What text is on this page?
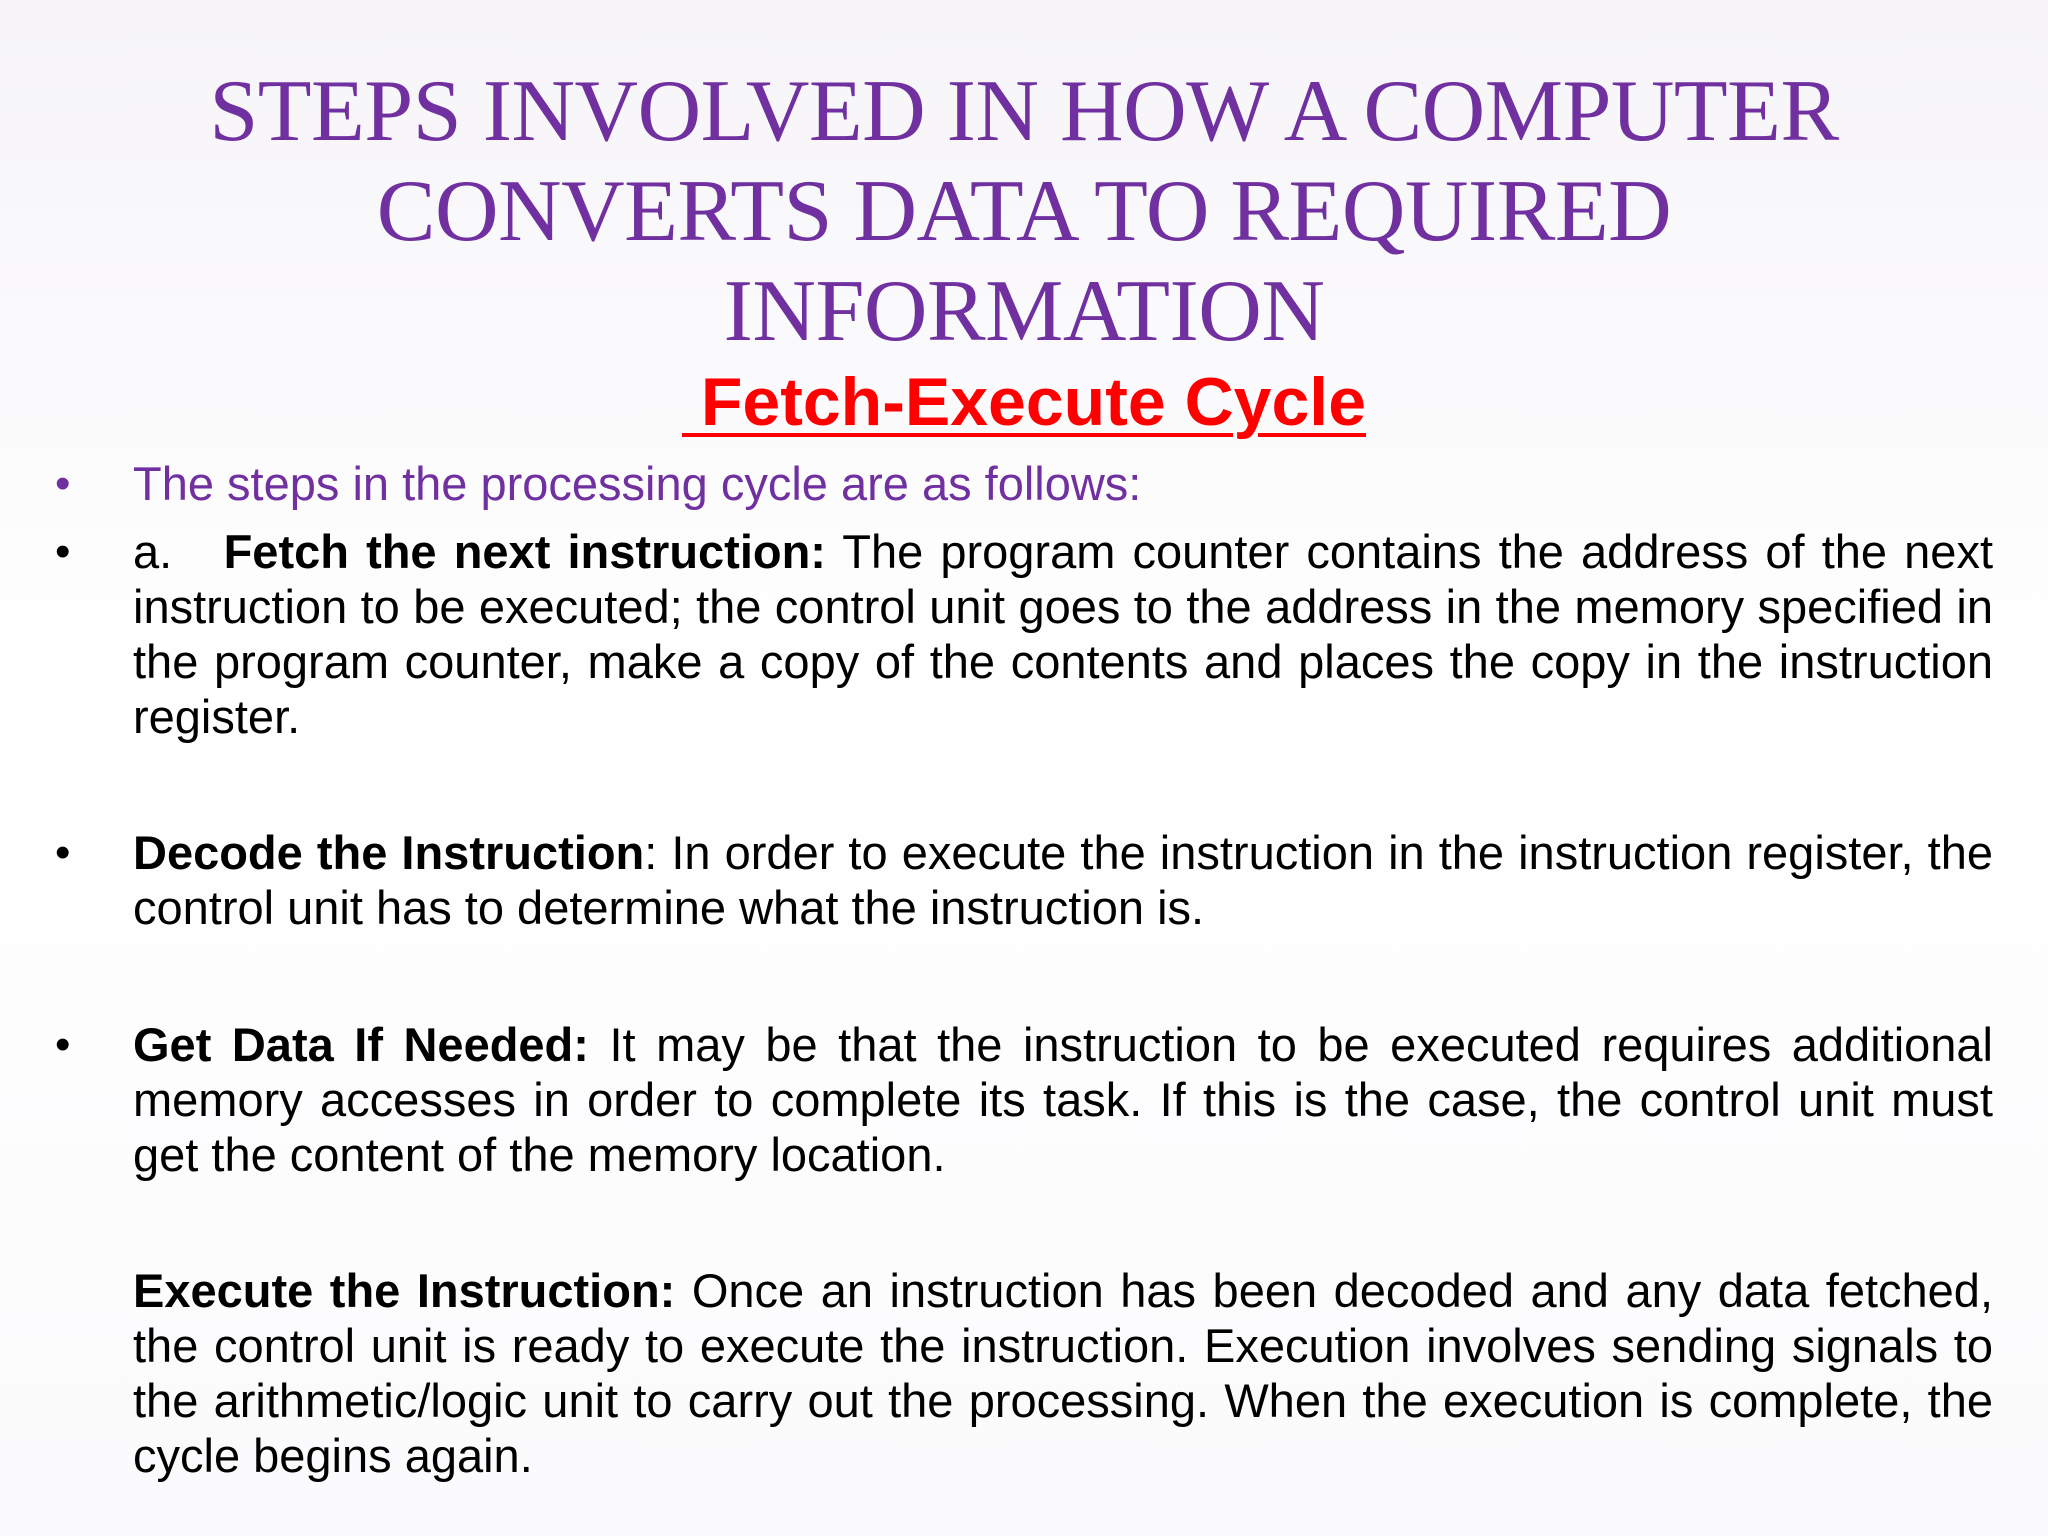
STEPS INVOLVED IN HOW A COMPUTER
CONVERTS DATA TO REQUIRED
INFORMATION
Fetch-Execute Cycle
•	The steps in the processing cycle are as follows:
•	a.   Fetch the next instruction: The program counter contains the address of the next instruction to be executed; the control unit goes to the address in the memory specified in the program counter, make a copy of the contents and places the copy in the instruction register.
•	Decode the Instruction: In order to execute the instruction in the instruction register, the control unit has to determine what the instruction is.
•	Get Data If Needed: It may be that the instruction to be executed requires additional memory accesses in order to complete its task. If this is the case, the control unit must get the content of the memory location.
Execute the Instruction: Once an instruction has been decoded and any data fetched, the control unit is ready to execute the instruction. Execution involves sending signals to the arithmetic/logic unit to carry out the processing. When the execution is complete, the cycle begins again.
